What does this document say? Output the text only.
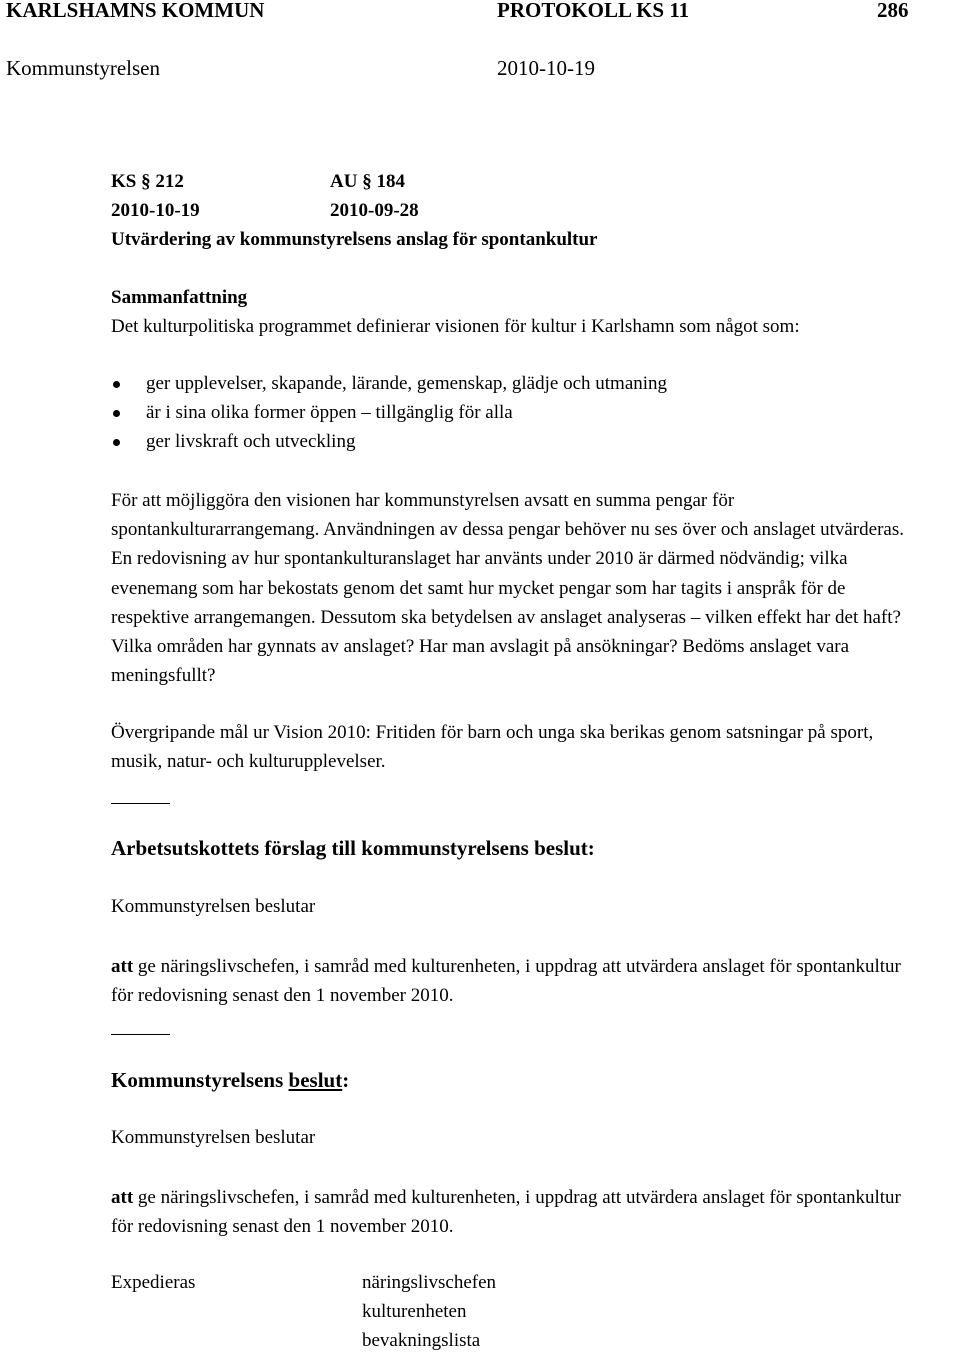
KARLSHAMNS KOMMUN	PROTOKOLL KS 11	286
Kommunstyrelsen	2010-10-19
KS § 212	AU § 184
2010-10-19	2010-09-28
Utvärdering av kommunstyrelsens anslag för spontankultur
Sammanfattning
Det kulturpolitiska programmet definierar visionen för kultur i Karlshamn som något som:
ger upplevelser, skapande, lärande, gemenskap, glädje och utmaning
är i sina olika former öppen – tillgänglig för alla
ger livskraft och utveckling
För att möjliggöra den visionen har kommunstyrelsen avsatt en summa pengar för spontankulturarrangemang. Användningen av dessa pengar behöver nu ses över och anslaget utvärderas. En redovisning av hur spontankulturanslaget har använts under 2010 är därmed nödvändig; vilka evenemang som har bekostats genom det samt hur mycket pengar som har tagits i anspråk för de respektive arrangemangen. Dessutom ska betydelsen av anslaget analyseras – vilken effekt har det haft? Vilka områden har gynnats av anslaget? Har man avslagit på ansökningar? Bedöms anslaget vara meningsfullt?
Övergripande mål ur Vision 2010: Fritiden för barn och unga ska berikas genom satsningar på sport, musik, natur- och kulturupplevelser.
Arbetsutskottets förslag till kommunstyrelsens beslut:
Kommunstyrelsen beslutar
att ge näringslivschefen, i samråd med kulturenheten, i uppdrag att utvärdera anslaget för spontankultur för redovisning senast den 1 november 2010.
Kommunstyrelsens beslut:
Kommunstyrelsen beslutar
att ge näringslivschefen, i samråd med kulturenheten, i uppdrag att utvärdera anslaget för spontankultur för redovisning senast den 1 november 2010.
Expedieras	näringslivschefen
kulturenheten
bevakningslista
